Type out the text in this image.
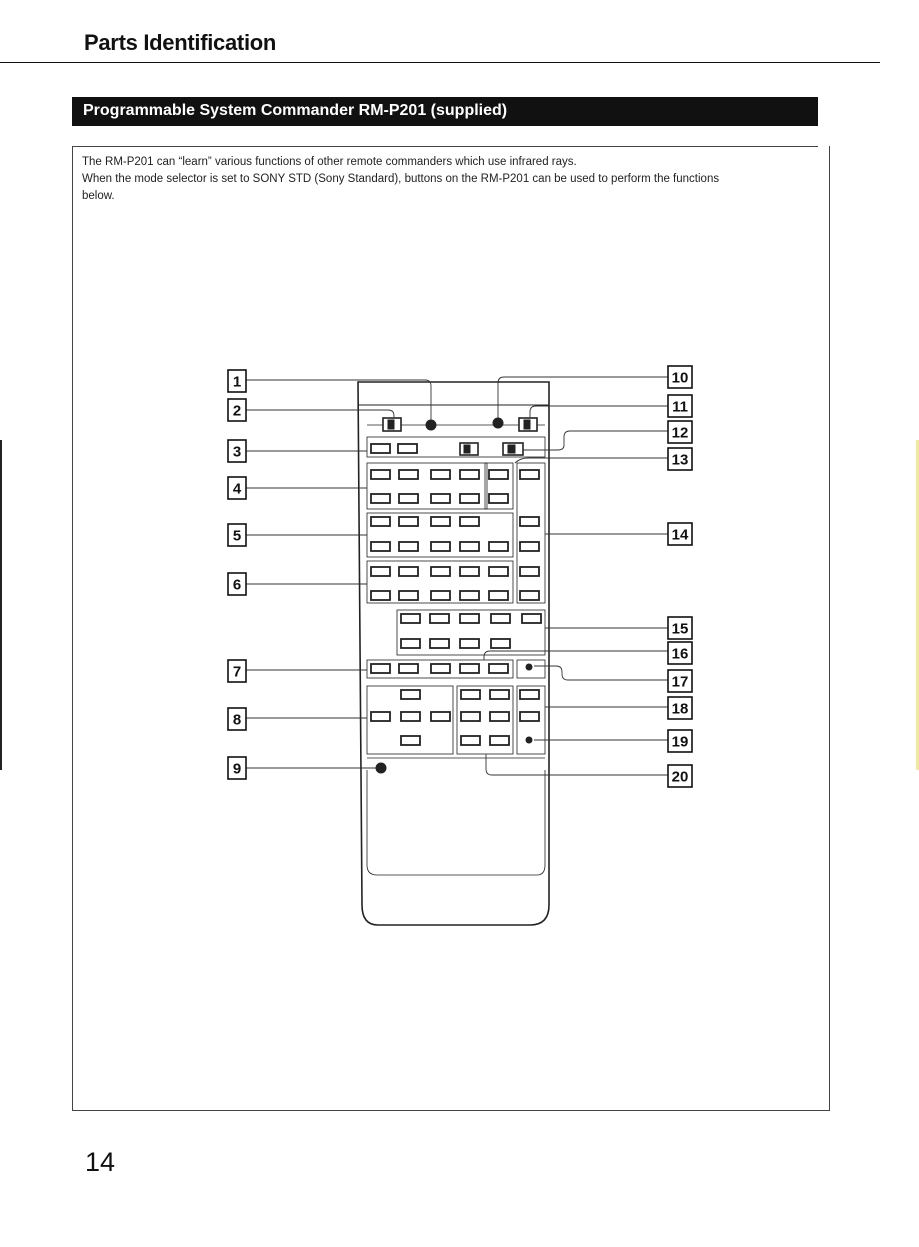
Parts Identification
Programmable System Commander RM-P201 (supplied)

The RM-P201 can “learn” various functions of other remote commanders which use infrared rays.

When the mode selector is set to SONY STD (Sony Standard), buttons on the RM-P201 can be used to perform the functions

below.

1
2
3
4
5
6
7
8
9
10
11
12
13
14
15
16
17
18
19
20
14
